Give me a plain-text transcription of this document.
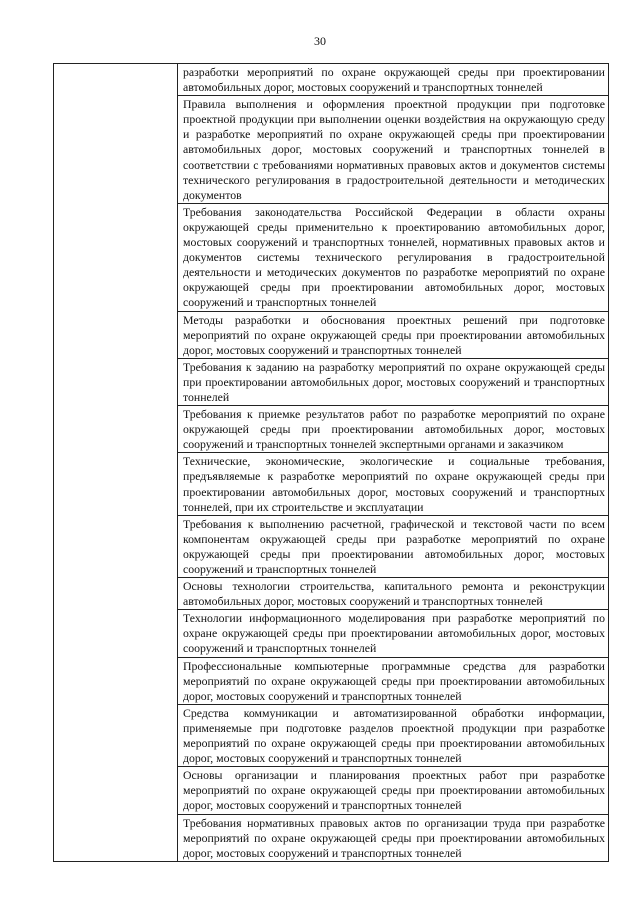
30

разработки мероприятий по охране окружающей среды при проектировании автомобильных дорог, мостовых сооружений и транспортных тоннелей

Правила выполнения и оформления проектной продукции при подготовке проектной продукции при выполнении оценки воздействия на окружающую среду и разработке мероприятий по охране окружающей среды при проектировании автомобильных дорог, мостовых сооружений и транспортных тоннелей в соответствии с требованиями нормативных правовых актов и документов системы технического регулирования в градостроительной деятельности и методических документов

Требования законодательства Российской Федерации в области охраны окружающей среды применительно к проектированию автомобильных дорог, мостовых сооружений и транспортных тоннелей, нормативных правовых актов и документов системы технического регулирования в градостроительной деятельности и методических документов по разработке мероприятий по охране окружающей среды при проектировании автомобильных дорог, мостовых сооружений и транспортных тоннелей

Методы разработки и обоснования проектных решений при подготовке мероприятий по охране окружающей среды при проектировании автомобильных дорог, мостовых сооружений и транспортных тоннелей

Требования к заданию на разработку мероприятий по охране окружающей среды при проектировании автомобильных дорог, мостовых сооружений и транспортных тоннелей

Требования к приемке результатов работ по разработке мероприятий по охране окружающей среды при проектировании автомобильных дорог, мостовых сооружений и транспортных тоннелей экспертными органами и заказчиком

Технические, экономические, экологические и социальные требования, предъявляемые к разработке мероприятий по охране окружающей среды при проектировании автомобильных дорог, мостовых сооружений и транспортных тоннелей, при их строительстве и эксплуатации

Требования к выполнению расчетной, графической и текстовой части по всем компонентам окружающей среды при разработке мероприятий по охране окружающей среды при проектировании автомобильных дорог, мостовых сооружений и транспортных тоннелей

Основы технологии строительства, капитального ремонта и реконструкции автомобильных дорог, мостовых сооружений и транспортных тоннелей

Технологии информационного моделирования при разработке мероприятий по охране окружающей среды при проектировании автомобильных дорог, мостовых сооружений и транспортных тоннелей

Профессиональные компьютерные программные средства для разработки мероприятий по охране окружающей среды при проектировании автомобильных дорог, мостовых сооружений и транспортных тоннелей

Средства коммуникации и автоматизированной обработки информации, применяемые при подготовке разделов проектной продукции при разработке мероприятий по охране окружающей среды при проектировании автомобильных дорог, мостовых сооружений и транспортных тоннелей

Основы организации и планирования проектных работ при разработке мероприятий по охране окружающей среды при проектировании автомобильных дорог, мостовых сооружений и транспортных тоннелей

Требования нормативных правовых актов по организации труда при разработке мероприятий по охране окружающей среды при проектировании автомобильных дорог, мостовых сооружений и транспортных тоннелей
